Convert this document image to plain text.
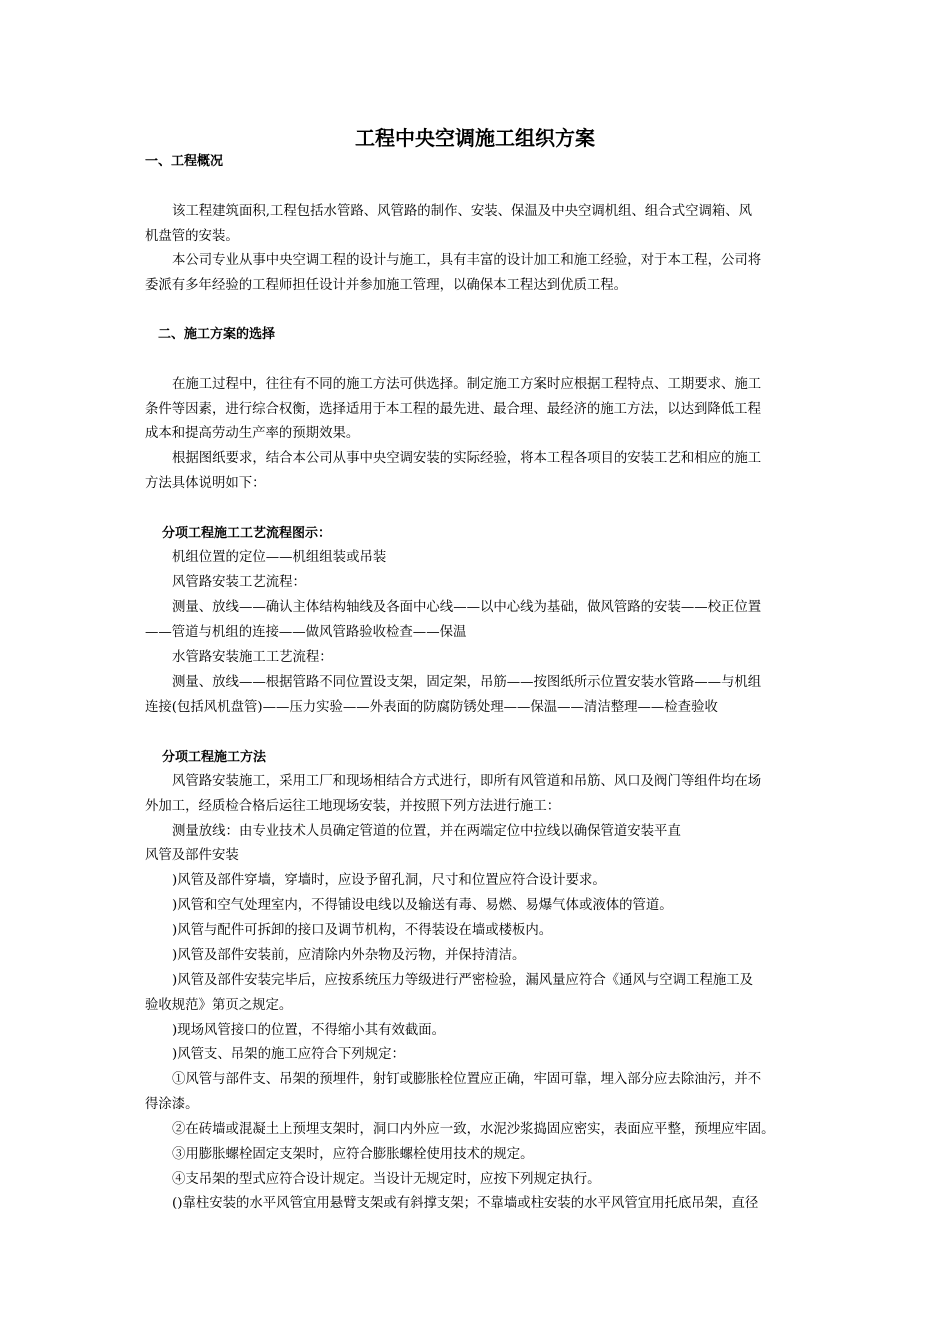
工程中央空调施工组织方案
一、工程概况
该工程建筑面积,工程包括水管路、风管路的制作、安装、保温及中央空调机组、组合式空调箱、风
机盘管的安装。
本公司专业从事中央空调工程的设计与施工，具有丰富的设计加工和施工经验，对于本工程，公司将
委派有多年经验的工程师担任设计并参加施工管理，以确保本工程达到优质工程。
二、施工方案的选择
在施工过程中，往往有不同的施工方法可供选择。制定施工方案时应根据工程特点、工期要求、施工
条件等因素，进行综合权衡，选择适用于本工程的最先进、最合理、最经济的施工方法，以达到降低工程
成本和提高劳动生产率的预期效果。
根据图纸要求，结合本公司从事中央空调安装的实际经验，将本工程各项目的安装工艺和相应的施工
方法具体说明如下：
分项工程施工工艺流程图示：
机组位置的定位——机组组装或吊装
风管路安装工艺流程：
测量、放线——确认主体结构轴线及各面中心线——以中心线为基础，做风管路的安装——校正位置
——管道与机组的连接——做风管路验收检查——保温
水管路安装施工工艺流程：
测量、放线——根据管路不同位置设支架，固定架，吊筋——按图纸所示位置安装水管路——与机组
连接(包括风机盘管)——压力实验——外表面的防腐防锈处理——保温——清洁整理——检查验收
分项工程施工方法
风管路安装施工，采用工厂和现场相结合方式进行，即所有风管道和吊筋、风口及阀门等组件均在场
外加工，经质检合格后运往工地现场安装，并按照下列方法进行施工：
测量放线：由专业技术人员确定管道的位置，并在两端定位中拉线以确保管道安装平直
风管及部件安装
)风管及部件穿墙，穿墙时，应设予留孔洞，尺寸和位置应符合设计要求。
)风管和空气处理室内，不得铺设电线以及输送有毒、易燃、易爆气体或液体的管道。
)风管与配件可拆卸的接口及调节机构，不得装设在墙或楼板内。
)风管及部件安装前，应清除内外杂物及污物，并保持清洁。
)风管及部件安装完毕后，应按系统压力等级进行严密检验，漏风量应符合《通风与空调工程施工及
验收规范》第页之规定。
)现场风管接口的位置，不得缩小其有效截面。
)风管支、吊架的施工应符合下列规定：
①风管与部件支、吊架的预埋件，射钉或膨胀栓位置应正确，牢固可靠，埋入部分应去除油污，并不
得涂漆。
②在砖墙或混凝土上预埋支架时，洞口内外应一致，水泥沙浆捣固应密实，表面应平整，预埋应牢固。
③用膨胀螺栓固定支架时，应符合膨胀螺栓使用技术的规定。
④支吊架的型式应符合设计规定。当设计无规定时，应按下列规定执行。
()靠柱安装的水平风管宜用悬臂支架或有斜撑支架；不靠墙或柱安装的水平风管宜用托底吊架，直径
